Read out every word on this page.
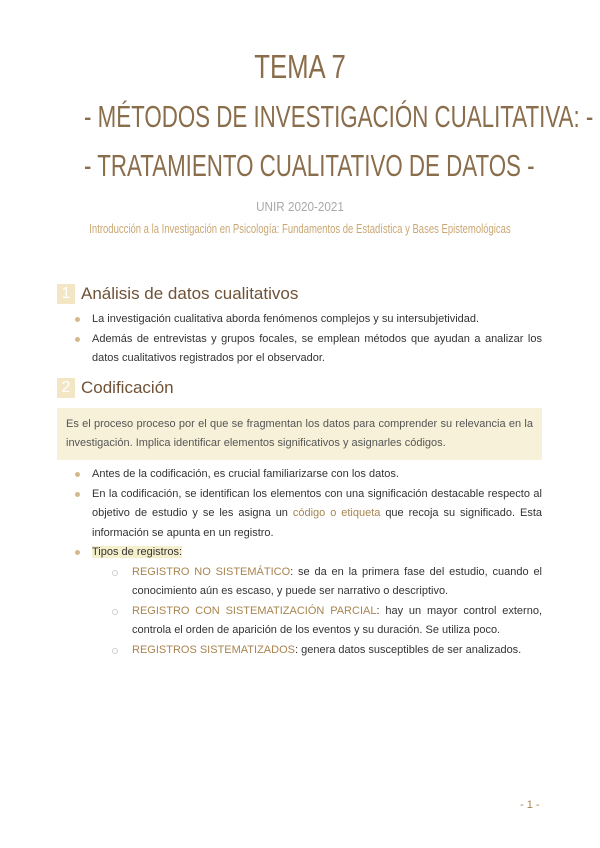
TEMA 7
- MÉTODOS DE INVESTIGACIÓN CUALITATIVA: -
- TRATAMIENTO CUALITATIVO DE DATOS -
UNIR 2020-2021
Introducción a la Investigación en Psicología: Fundamentos de Estadística y Bases Epistemológicas
1 Análisis de datos cualitativos
La investigación cualitativa aborda fenómenos complejos y su intersubjetividad.
Además de entrevistas y grupos focales, se emplean métodos que ayudan a analizar los datos cualitativos registrados por el observador.
2 Codificación
Es el proceso proceso por el que se fragmentan los datos para comprender su relevancia en la investigación. Implica identificar elementos significativos y asignarles códigos.
Antes de la codificación, es crucial familiarizarse con los datos.
En la codificación, se identifican los elementos con una significación destacable respecto al objetivo de estudio y se les asigna un código o etiqueta que recoja su significado. Esta información se apunta en un registro.
Tipos de registros:
REGISTRO NO SISTEMÁTICO: se da en la primera fase del estudio, cuando el conocimiento aún es escaso, y puede ser narrativo o descriptivo.
REGISTRO CON SISTEMATIZACIÓN PARCIAL: hay un mayor control externo, controla el orden de aparición de los eventos y su duración. Se utiliza poco.
REGISTROS SISTEMATIZADOS: genera datos susceptibles de ser analizados.
- 1 -
